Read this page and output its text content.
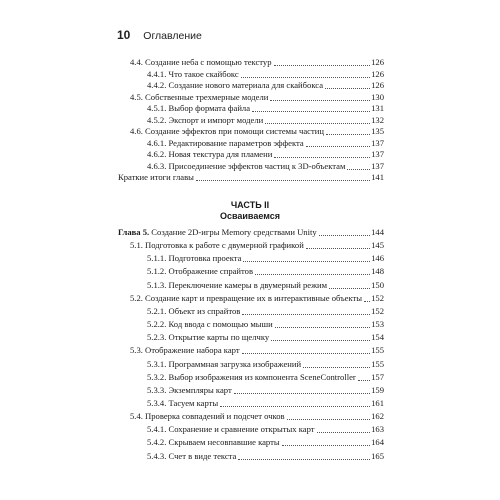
10 Оглавление
4.4. Создание неба с помощью текстур	126
4.4.1. Что такое скайбокс	126
4.4.2. Создание нового материала для скайбокса	126
4.5. Собственные трехмерные модели	130
4.5.1. Выбор формата файла	131
4.5.2. Экспорт и импорт модели	132
4.6. Создание эффектов при помощи системы частиц	135
4.6.1. Редактирование параметров эффекта	137
4.6.2. Новая текстура для пламени	137
4.6.3. Присоединение эффектов частиц к 3D-объектам	137
Краткие итоги главы	141
ЧАСТЬ II
Осваиваемся
Глава 5. Создание 2D-игры Memory средствами Unity	144
5.1. Подготовка к работе с двумерной графикой	145
5.1.1. Подготовка проекта	146
5.1.2. Отображение спрайтов	148
5.1.3. Переключение камеры в двумерный режим	150
5.2. Создание карт и превращение их в интерактивные объекты 152
5.2.1. Объект из спрайтов	152
5.2.2. Код ввода с помощью мыши	153
5.2.3. Открытие карты по щелчку	154
5.3. Отображение набора карт	155
5.3.1. Программная загрузка изображений	155
5.3.2. Выбор изображения из компонента SceneController 157
5.3.3. Экземпляры карт	159
5.3.4. Тасуем карты	161
5.4. Проверка совпадений и подсчет очков	162
5.4.1. Сохранение и сравнение открытых карт	163
5.4.2. Скрываем несовпавшие карты	164
5.4.3. Счет в виде текста	165
